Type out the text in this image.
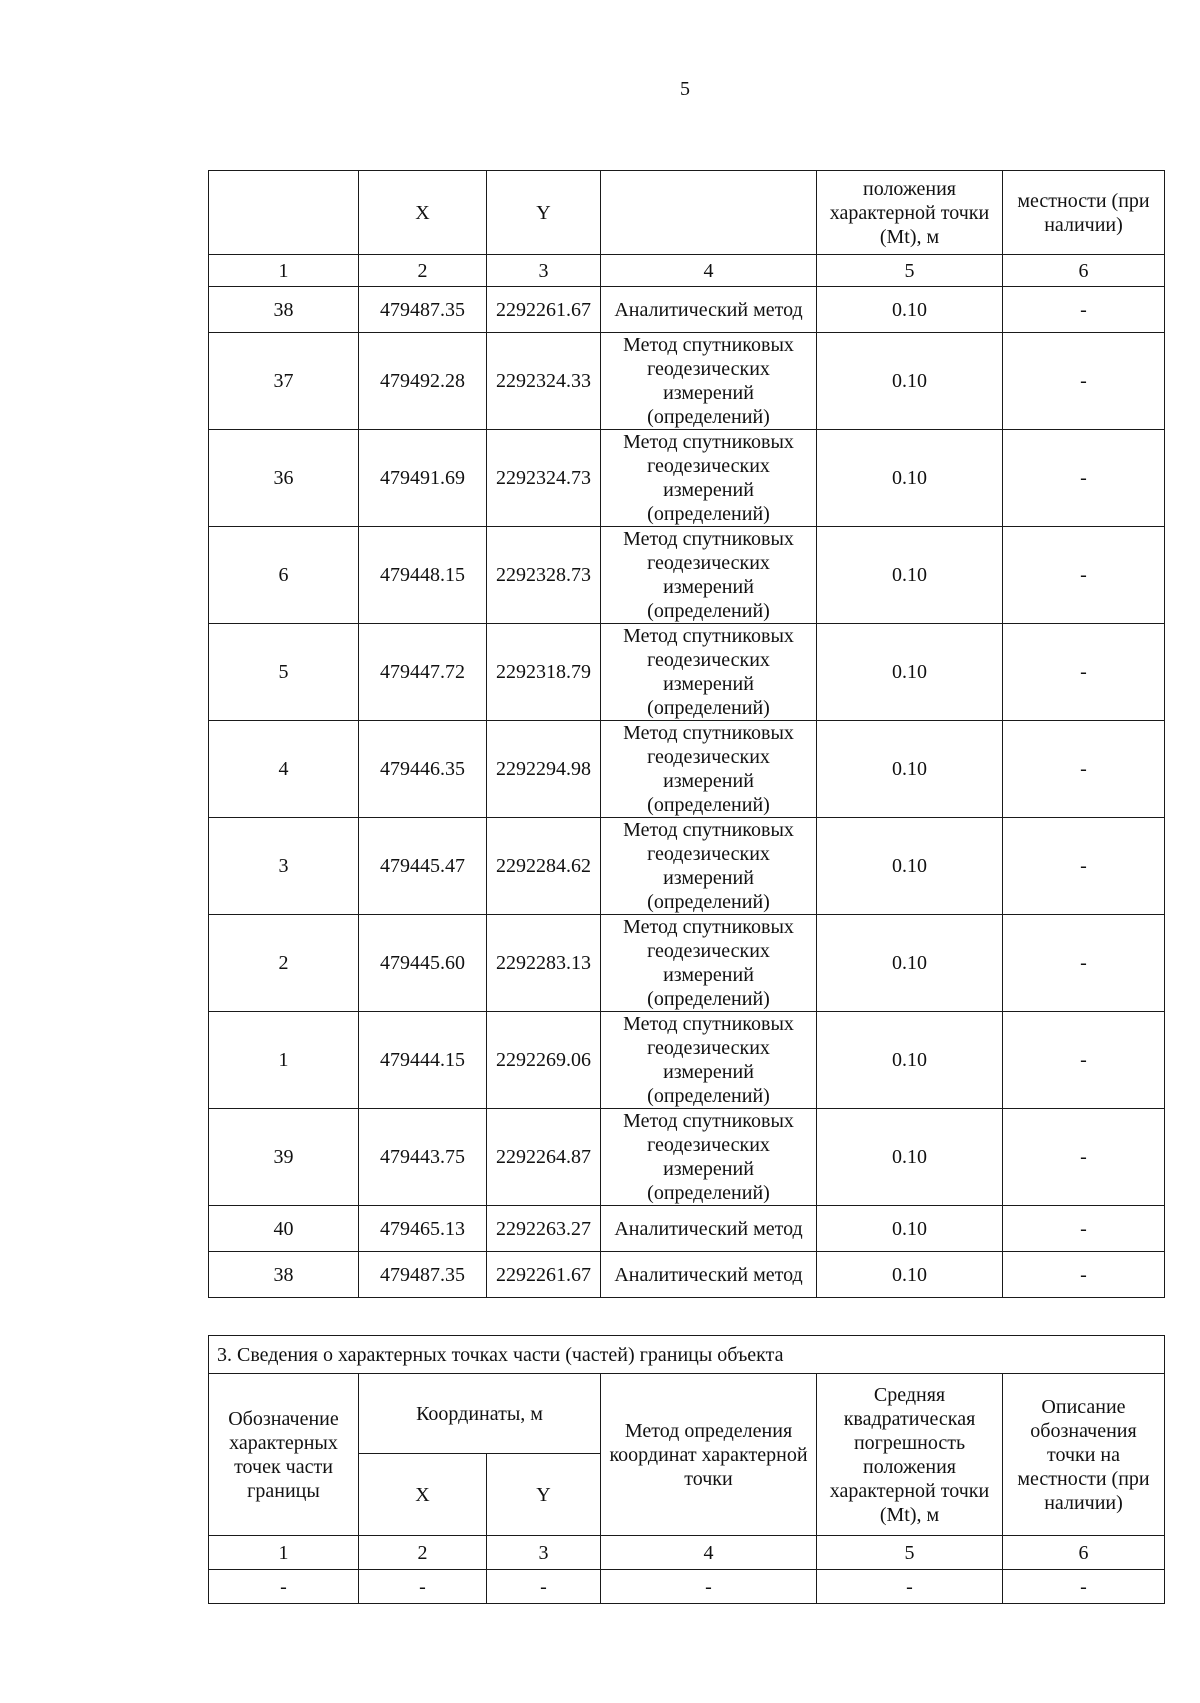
5
	X	Y		положения характерной точки (Mt), м	местности (при наличии)
1	2	3	4	5	6
38	479487.35	2292261.67	Аналитический метод	0.10	-
37	479492.28	2292324.33	Метод спутниковых геодезических измерений (определений)	0.10	-
36	479491.69	2292324.73	Метод спутниковых геодезических измерений (определений)	0.10	-
6	479448.15	2292328.73	Метод спутниковых геодезических измерений (определений)	0.10	-
5	479447.72	2292318.79	Метод спутниковых геодезических измерений (определений)	0.10	-
4	479446.35	2292294.98	Метод спутниковых геодезических измерений (определений)	0.10	-
3	479445.47	2292284.62	Метод спутниковых геодезических измерений (определений)	0.10	-
2	479445.60	2292283.13	Метод спутниковых геодезических измерений (определений)	0.10	-
1	479444.15	2292269.06	Метод спутниковых геодезических измерений (определений)	0.10	-
39	479443.75	2292264.87	Метод спутниковых геодезических измерений (определений)	0.10	-
40	479465.13	2292263.27	Аналитический метод	0.10	-
38	479487.35	2292261.67	Аналитический метод	0.10	-
3. Сведения о характерных точках части (частей) границы объекта					
Обозначение характерных точек части границы	Координаты, м		Метод определения координат характерной точки	Средняя квадратическая погрешность положения характерной точки (Mt), м	Описание обозначения точки на местности (при наличии)
	X	Y			
1	2	3	4	5	6
-	-	-	-	-	-
